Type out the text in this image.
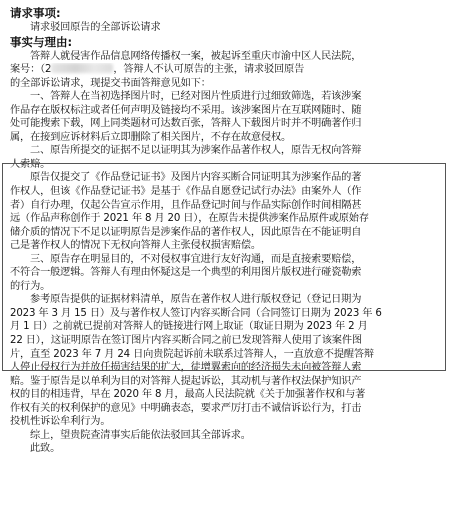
请求事项:
请求驳回原告的全部诉讼请求
事实与理由:
答辩人就侵害作品信息网络传播权一案，被起诉至重庆市渝中区人民法院，
案号：（2	，答辩人不认可原告的主张，请求驳回原告
的全部诉讼请求，现提交书面答辩意见如下：
一、答辩人在当初选择图片时，已经对图片性质进行过细致筛选，若该涉案
作品存在版权标注或者任何声明及链接均不采用。该涉案图片在互联网随时、随
处可能搜索下载，网上同类题材可达数百张，答辩人下载图片时并不明确著作归
属，在接到应诉材料后立即删除了相关图片，不存在故意侵权。
二、原告所提交的证据不足以证明其为涉案作品著作权人，原告无权向答辩
人索赔。
原告仅提交了《作品登记证书》及图片内容买断合同证明其为涉案作品的著
作权人，但该《作品登记证书》是基于《作品自愿登记试行办法》由案外人（作
者）自行办理，仅起公告宣示作用，且作品登记时间与作品实际创作时间相隔甚
远（作品声称创作于 2021 年 8 月 20 日），在原告未提供涉案作品原件或原始存
储介质的情况下不足以证明原告是涉案作品的著作权人，因此原告在不能证明自
己是著作权人的情况下无权向答辩人主张侵权损害赔偿。
三、原告存在明显目的，不对侵权事宜进行友好沟通，而是直接索要赔偿，
不符合一般逻辑。答辩人有理由怀疑这是一个典型的利用图片版权进行碰瓷勒索
的行为。
参考原告提供的证据材料清单，原告在著作权人进行版权登记（登记日期为
2023 年 3 月 15 日）及与著作权人签订内容买断合同（合同签订日期为 2023 年 6
月 1 日）之前就已提前对答辩人的链接进行网上取证（取证日期为 2023 年 2 月
22 日），这证明原告在签订图片内容买断合同之前已发现答辩人使用了该案件图
片，直至 2023 年 7 月 24 日向贵院起诉前未联系过答辩人，一直放意不提醒答辩
人停止侵权行为并放任损害结果的扩大，徒增翼索向的经济损失未向被答辩人索
赔。鉴于原告是以单利为目的对答辩人提起诉讼，其动机与著作权法保护知识产
权的目的相违背，早在 2020 年 8 月，最高人民法院就《关于加强著作权和与著
作权有关的权利保护的意见》中明确表态，要求严厉打击不诚信诉讼行为，打击
投机性诉讼牟利行为。
综上，望贵院查清事实后能依法驳回其全部诉求。
此致。
